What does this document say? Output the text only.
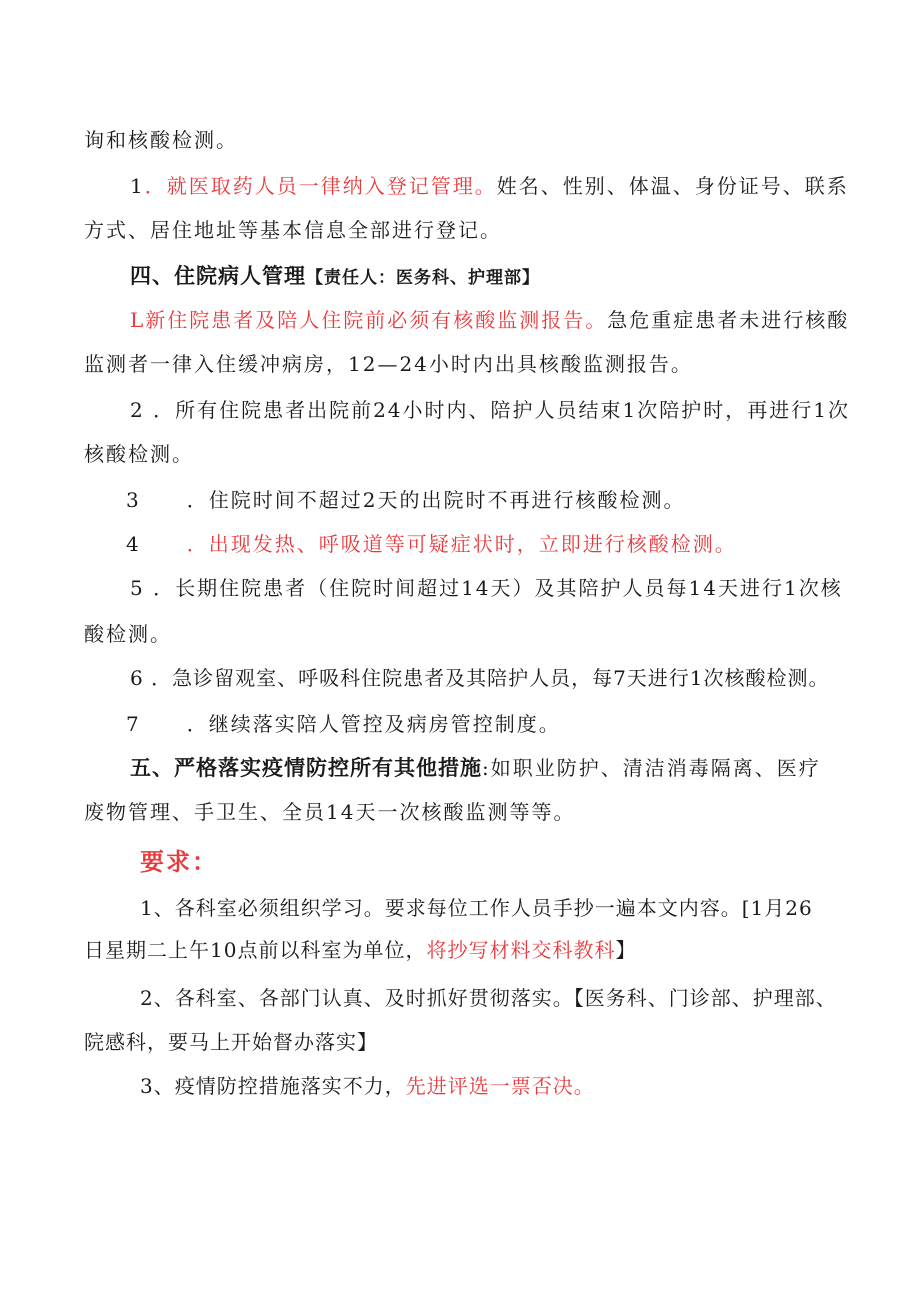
询和核酸检测。

1．就医取药人员一律纳入登记管理。姓名、性别、体温、身份证号、联系

方式、居住地址等基本信息全部进行登记。

四、住院病人管理【责任人：医务科、护理部】

L新住院患者及陪人住院前必须有核酸监测报告。急危重症患者未进行核酸

监测者一律入住缓冲病房，12—24小时内出具核酸监测报告。

2 ．所有住院患者出院前24小时内、陪护人员结束1次陪护时，再进行1次

核酸检测。

3 ．住院时间不超过2天的出院时不再进行核酸检测。

4 ．出现发热、呼吸道等可疑症状时，立即进行核酸检测。

5 ．长期住院患者（住院时间超过14天）及其陪护人员每14天进行1次核

酸检测。

6 ．急诊留观室、呼吸科住院患者及其陪护人员，每7天进行1次核酸检测。

7 ．继续落实陪人管控及病房管控制度。

五、严格落实疫情防控所有其他措施:如职业防护、清洁消毒隔离、医疗

废物管理、手卫生、全员14天一次核酸监测等等。

要求：

1、各科室必须组织学习。要求每位工作人员手抄一遍本文内容。[1月26

日星期二上午10点前以科室为单位，将抄写材料交科教科】

2、各科室、各部门认真、及时抓好贯彻落实。【医务科、门诊部、护理部、

院感科，要马上开始督办落实】

3、疫情防控措施落实不力，先进评选一票否决。
